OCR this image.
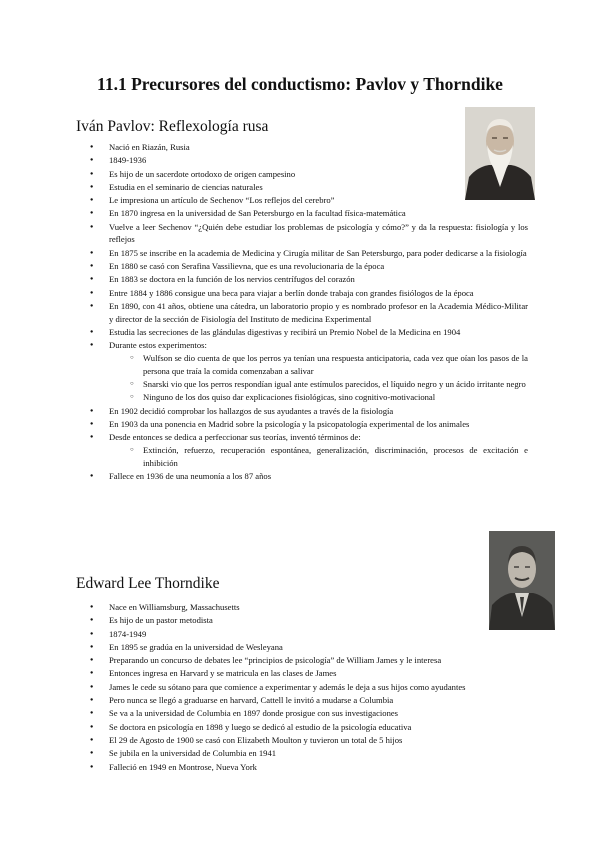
11.1 Precursores del conductismo: Pavlov y Thorndike
Iván Pavlov: Reflexología rusa
● Nació en Riazán, Rusia
● 1849-1936
● Es hijo de un sacerdote ortodoxo de origen campesino
● Estudia en el seminario de ciencias naturales
● Le impresiona un artículo de Sechenov “Los reflejos del cerebro”
● En 1870 ingresa en la universidad de San Petersburgo en la facultad física-matemática
● Vuelve a leer Sechenov “¿Quién debe estudiar los problemas de psicología y cómo?” y da la respuesta: fisiología y los reflejos
● En 1875 se inscribe en la academia de Medicina y Cirugía militar de San Petersburgo, para poder dedicarse a la fisiología
● En 1880 se casó con Serafina Vassilievna, que es una revolucionaria de la época
● En 1883 se doctora en la función de los nervios centrífugos del corazón
● Entre 1884 y 1886 consigue una beca para viajar a berlín donde trabaja con grandes fisiólogos de la época
● En 1890, con 41 años, obtiene una cátedra, un laboratorio propio y es nombrado profesor en la Academia Médico-Militar y director de la sección de Fisiología del Instituto de medicina Experimental
● Estudia las secreciones de las glándulas digestivas y recibirá un Premio Nobel de la Medicina en 1904
● Durante estos experimentos:
○ Wulfson se dio cuenta de que los perros ya tenían una respuesta anticipatoria, cada vez que oían los pasos de la persona que traía la comida comenzaban a salivar
○ Snarski vio que los perros respondían igual ante estímulos parecidos, el líquido negro y un ácido irritante negro
○ Ninguno de los dos quiso dar explicaciones fisiológicas, sino cognitivo-motivacional
● En 1902 decidió comprobar los hallazgos de sus ayudantes a través de la fisiología
● En 1903 da una ponencia en Madrid sobre la psicología y la psicopatología experimental de los animales
● Desde entonces se dedica a perfeccionar sus teorías, inventó términos de:
○ Extinción, refuerzo, recuperación espontánea, generalización, discriminación, procesos de excitación e inhibición
● Fallece en 1936 de una neumonía a los 87 años
Edward Lee Thorndike
● Nace en Williamsburg, Massachusetts
● Es hijo de un pastor metodista
● 1874-1949
● En 1895 se gradúa en la universidad de Wesleyana
● Preparando un concurso de debates lee “principios de psicología” de William James y le interesa
● Entonces ingresa en Harvard y se matricula en las clases de James
● James le cede su sótano para que comience a experimentar y además le deja a sus hijos como ayudantes
● Pero nunca se llegó a graduarse en harvard, Cattell le invitó a mudarse a Columbia
● Se va a la universidad de Columbia en 1897 donde prosigue con sus investigaciones
● Se doctora en psicología en 1898 y luego se dedicó al estudio de la psicología educativa
● El 29 de Agosto de 1900 se casó con Elizabeth Moulton y tuvieron un total de 5 hijos
● Se jubila en la universidad de Columbia en 1941
● Falleció en 1949 en Montrose, Nueva York
